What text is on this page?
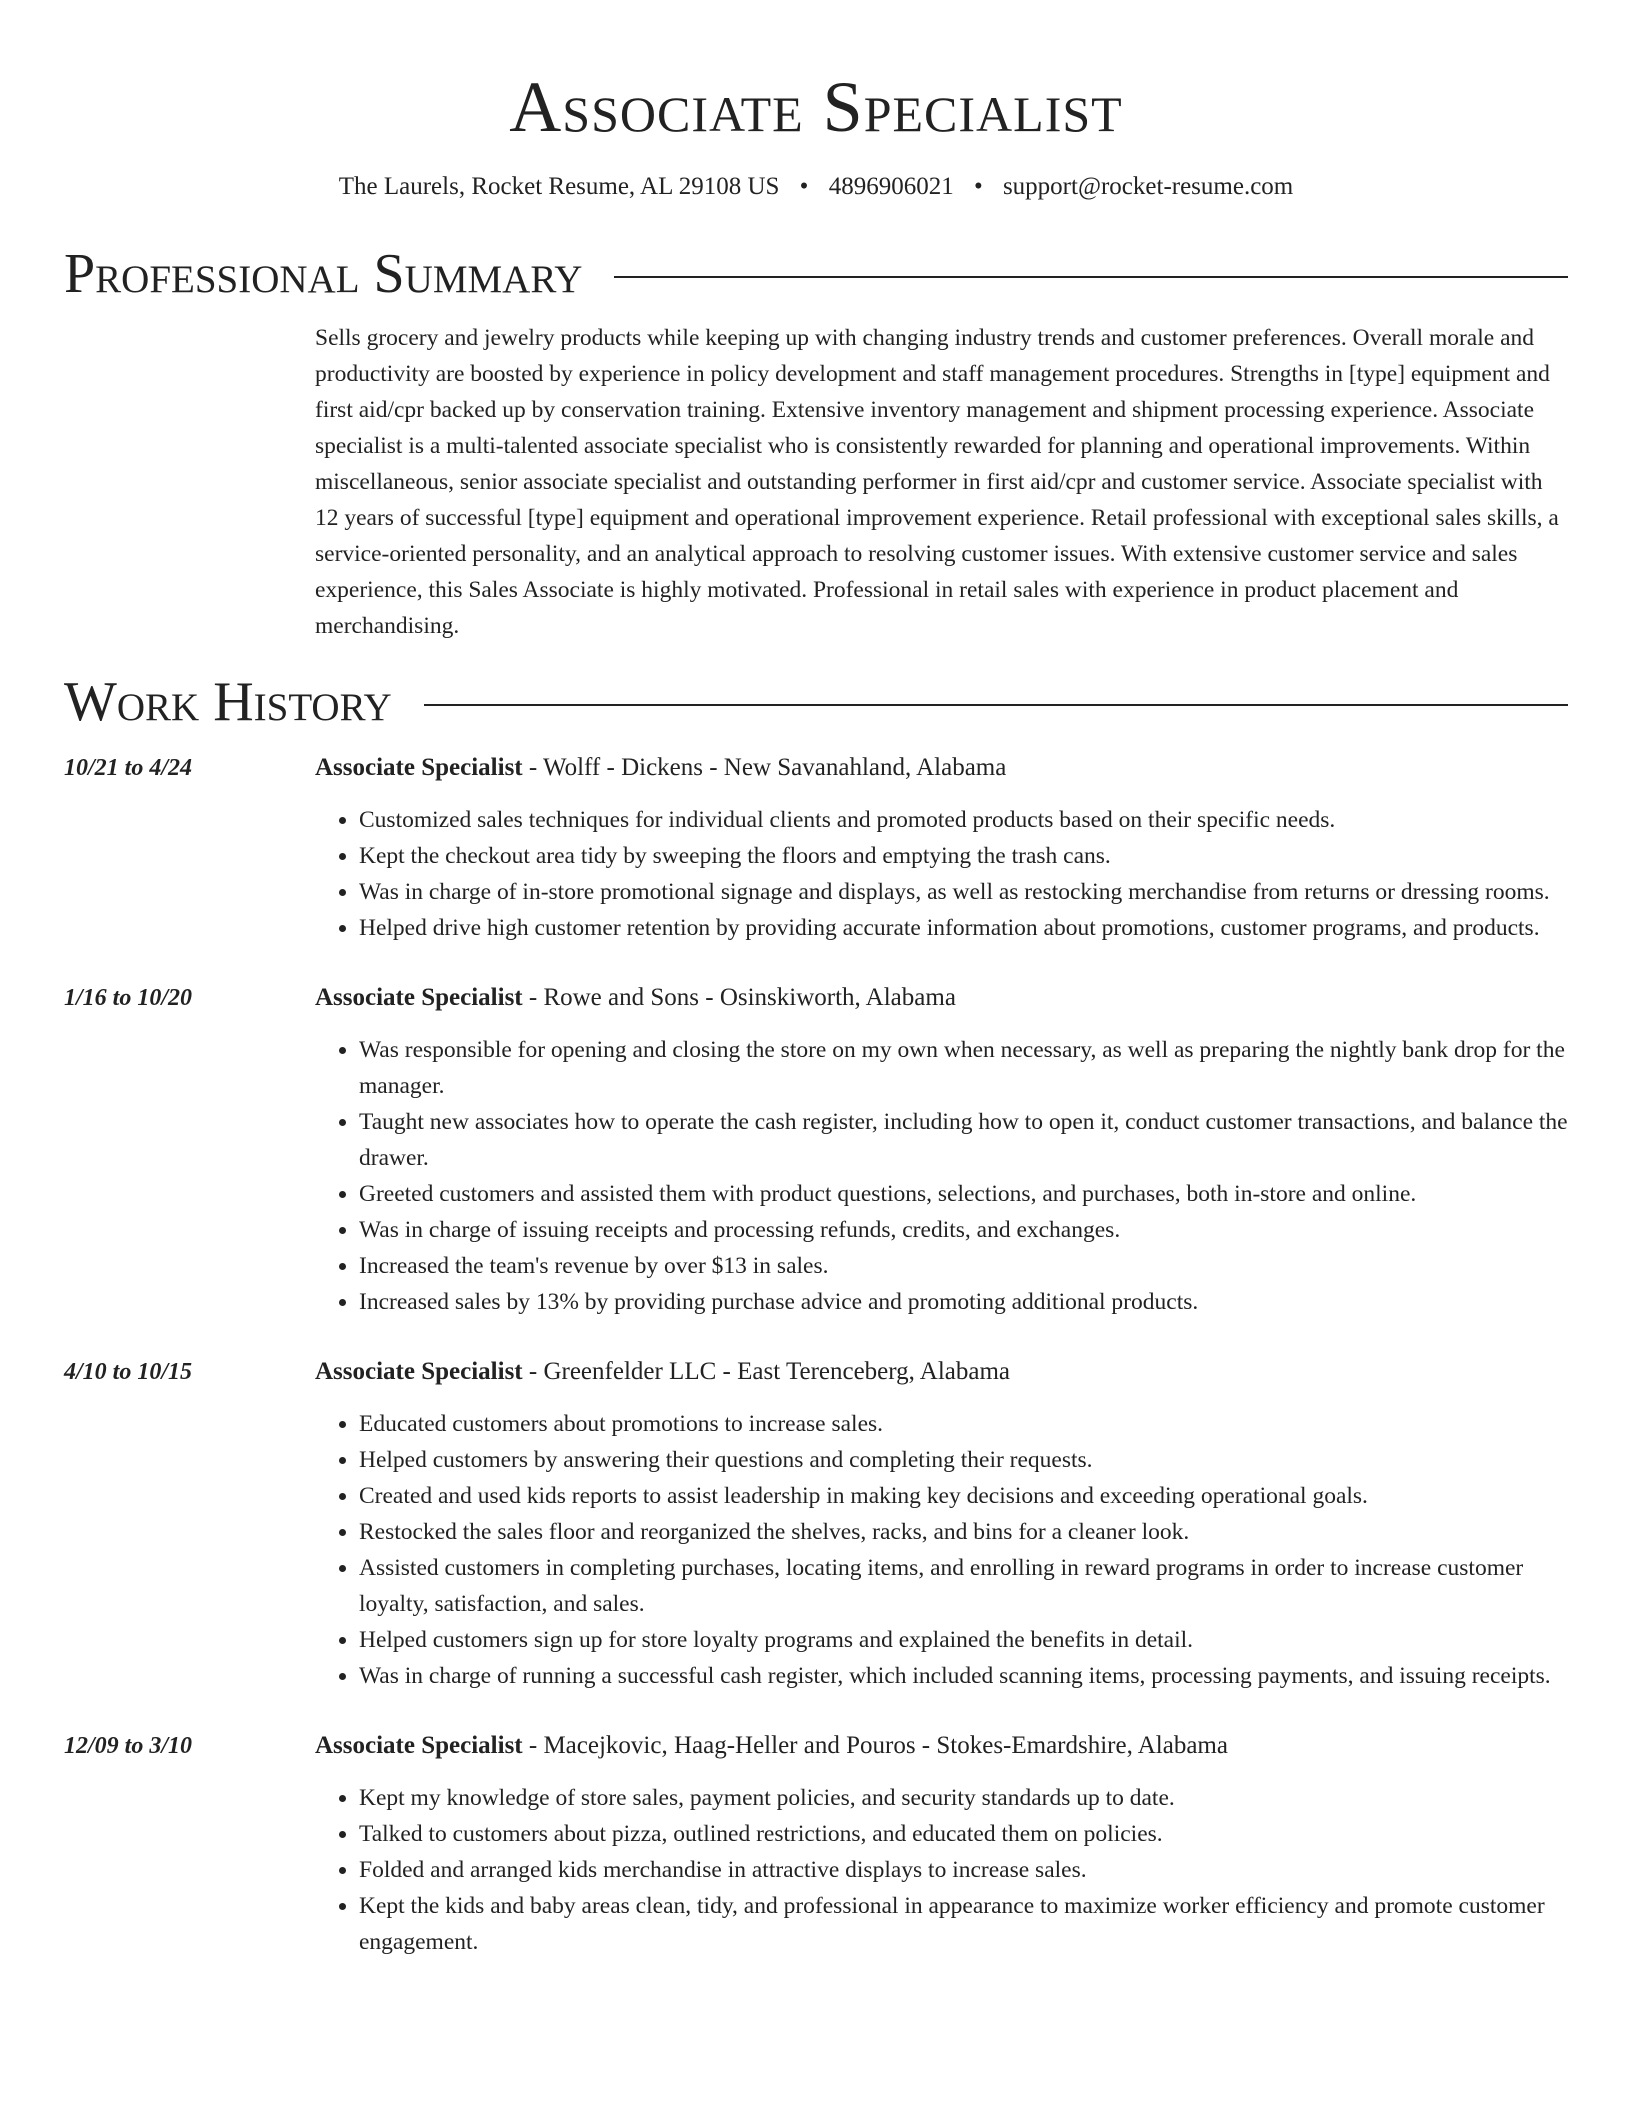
Associate Specialist
The Laurels, Rocket Resume, AL 29108 US • 4896906021 • support@rocket-resume.com
Professional Summary
Sells grocery and jewelry products while keeping up with changing industry trends and customer preferences. Overall morale and productivity are boosted by experience in policy development and staff management procedures. Strengths in [type] equipment and first aid/cpr backed up by conservation training. Extensive inventory management and shipment processing experience. Associate specialist is a multi-talented associate specialist who is consistently rewarded for planning and operational improvements. Within miscellaneous, senior associate specialist and outstanding performer in first aid/cpr and customer service. Associate specialist with 12 years of successful [type] equipment and operational improvement experience. Retail professional with exceptional sales skills, a service-oriented personality, and an analytical approach to resolving customer issues. With extensive customer service and sales experience, this Sales Associate is highly motivated. Professional in retail sales with experience in product placement and merchandising.
Work History
10/21 to 4/24	Associate Specialist - Wolff - Dickens - New Savanahland, Alabama
• Customized sales techniques for individual clients and promoted products based on their specific needs.
• Kept the checkout area tidy by sweeping the floors and emptying the trash cans.
• Was in charge of in-store promotional signage and displays, as well as restocking merchandise from returns or dressing rooms.
• Helped drive high customer retention by providing accurate information about promotions, customer programs, and products.
1/16 to 10/20	Associate Specialist - Rowe and Sons - Osinskiworth, Alabama
• Was responsible for opening and closing the store on my own when necessary, as well as preparing the nightly bank drop for the manager.
• Taught new associates how to operate the cash register, including how to open it, conduct customer transactions, and balance the drawer.
• Greeted customers and assisted them with product questions, selections, and purchases, both in-store and online.
• Was in charge of issuing receipts and processing refunds, credits, and exchanges.
• Increased the team's revenue by over $13 in sales.
• Increased sales by 13% by providing purchase advice and promoting additional products.
4/10 to 10/15	Associate Specialist - Greenfelder LLC - East Terenceberg, Alabama
• Educated customers about promotions to increase sales.
• Helped customers by answering their questions and completing their requests.
• Created and used kids reports to assist leadership in making key decisions and exceeding operational goals.
• Restocked the sales floor and reorganized the shelves, racks, and bins for a cleaner look.
• Assisted customers in completing purchases, locating items, and enrolling in reward programs in order to increase customer loyalty, satisfaction, and sales.
• Helped customers sign up for store loyalty programs and explained the benefits in detail.
• Was in charge of running a successful cash register, which included scanning items, processing payments, and issuing receipts.
12/09 to 3/10	Associate Specialist - Macejkovic, Haag-Heller and Pouros - Stokes-Emardshire, Alabama
• Kept my knowledge of store sales, payment policies, and security standards up to date.
• Talked to customers about pizza, outlined restrictions, and educated them on policies.
• Folded and arranged kids merchandise in attractive displays to increase sales.
• Kept the kids and baby areas clean, tidy, and professional in appearance to maximize worker efficiency and promote customer engagement.
